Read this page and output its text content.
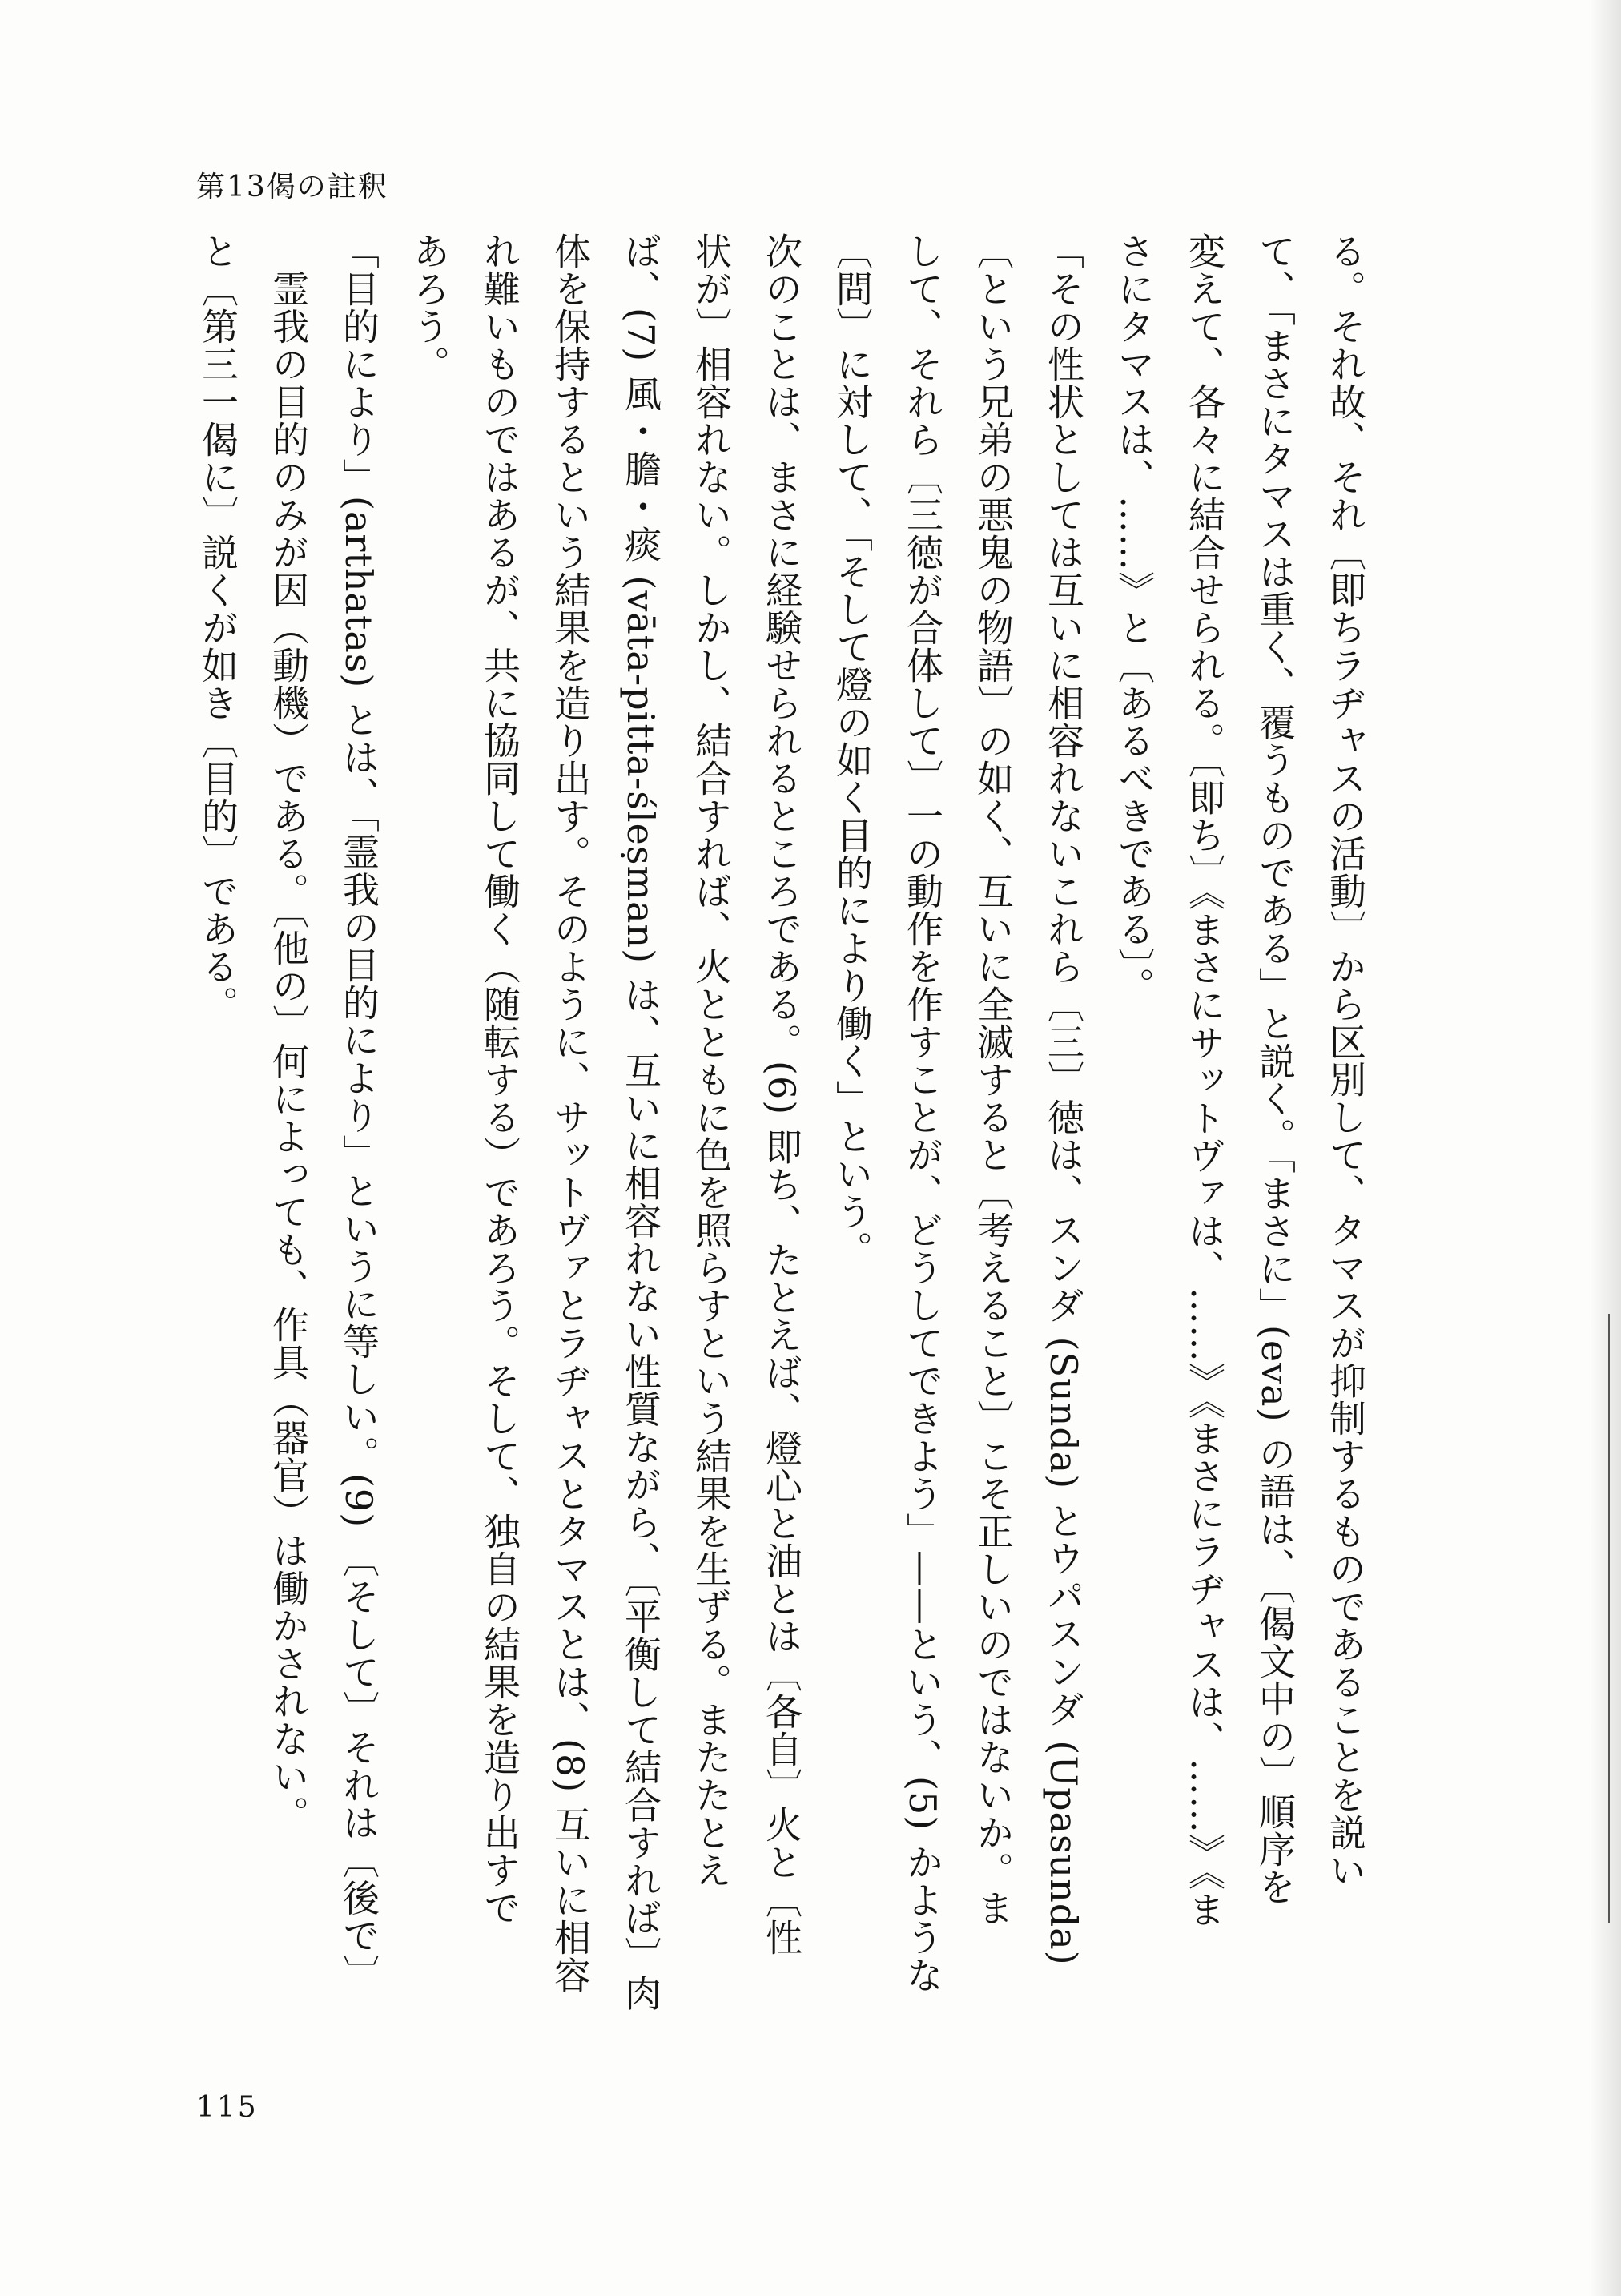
第13偈の註釈

る。それ故、それ〔即ちラヂャスの活動〕から区別して、タマスが抑制するものであることを説い

て、「まさにタマスは重く、覆うものである」と説く。「まさに」(eva) の語は、〔偈文中の〕順序を

変えて、各々に結合せられる。〔即ち〕《まさにサットヴァは、……》《まさにラヂャスは、……》《ま

さにタマスは、……》と〔あるべきである〕。

「その性状としては互いに相容れないこれら〔三〕徳は、スンダ (Sunda) とウパスンダ (Upasunda)

〔という兄弟の悪鬼の物語〕の如く、互いに全滅すると〔考えること〕こそ正しいのではないか。ま

して、それら〔三徳が合体して〕一の動作を作すことが、どうしてできよう」——という、(5) かような

〔問〕に対して、「そして燈の如く目的により働く」という。

次のことは、まさに経験せられるところである。(6) 即ち、たとえば、燈心と油とは〔各自〕火と〔性

状が〕相容れない。しかし、結合すれば、火とともに色を照らすという結果を生ずる。またたとえ

ば、(7) 風・膽・痰 (vāta-pitta-śleṣman) は、互いに相容れない性質ながら、〔平衡して結合すれば〕肉

体を保持するという結果を造り出す。そのように、サットヴァとラヂャスとタマスとは、(8) 互いに相容

れ難いものではあるが、共に協同して働く（随転する）であろう。そして、独自の結果を造り出すで

あろう。

「目的により」(arthatas) とは、「霊我の目的により」というに等しい。(9) 〔そして〕それは〔後で〕

　霊我の目的のみが因（動機）である。〔他の〕何によっても、作具（器官）は働かされない。

と〔第三一偈に〕説くが如き〔目的〕である。

115
